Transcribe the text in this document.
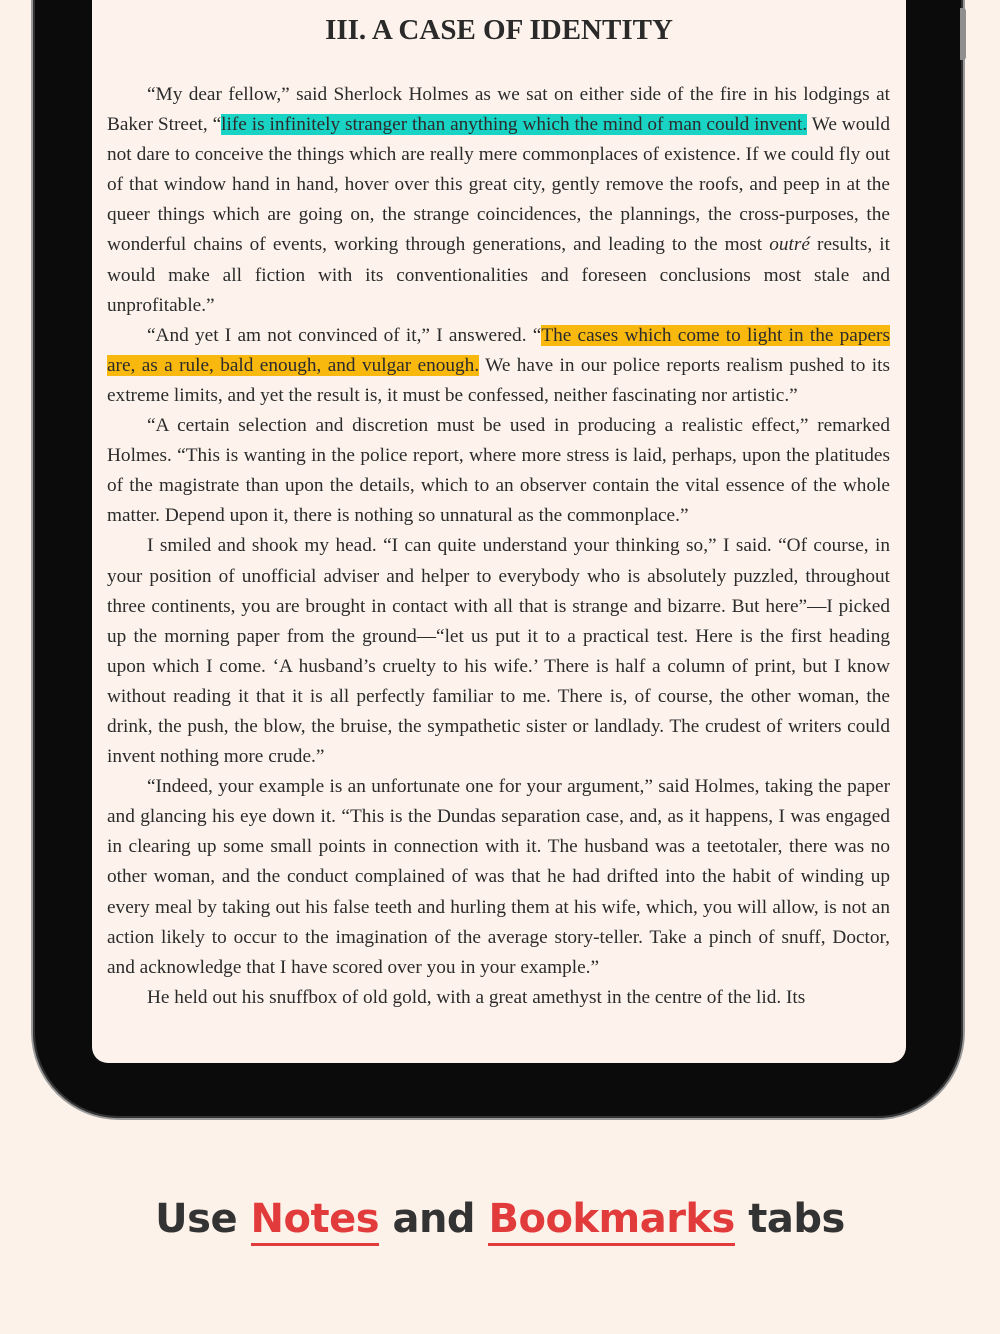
III. A CASE OF IDENTITY

“My dear fellow,” said Sherlock Holmes as we sat on either side of the fire in his lodgings at Baker Street, “life is infinitely stranger than anything which the mind of man could invent. We would not dare to conceive the things which are really mere commonplaces of existence. If we could fly out of that window hand in hand, hover over this great city, gently remove the roofs, and peep in at the queer things which are going on, the strange coincidences, the plannings, the cross-purposes, the wonderful chains of events, working through generations, and leading to the most outré results, it would make all fiction with its conventionalities and foreseen conclusions most stale and unprofitable.”

“And yet I am not convinced of it,” I answered. “The cases which come to light in the papers are, as a rule, bald enough, and vulgar enough. We have in our police reports realism pushed to its extreme limits, and yet the result is, it must be confessed, neither fascinating nor artistic.”

“A certain selection and discretion must be used in producing a realistic effect,” remarked Holmes. “This is wanting in the police report, where more stress is laid, perhaps, upon the platitudes of the magistrate than upon the details, which to an observer contain the vital essence of the whole matter. Depend upon it, there is nothing so unnatural as the commonplace.”

I smiled and shook my head. “I can quite understand your thinking so,” I said. “Of course, in your position of unofficial adviser and helper to everybody who is absolutely puzzled, throughout three continents, you are brought in contact with all that is strange and bizarre. But here”—I picked up the morning paper from the ground—“let us put it to a practical test. Here is the first heading upon which I come. ‘A husband’s cruelty to his wife.’ There is half a column of print, but I know without reading it that it is all perfectly familiar to me. There is, of course, the other woman, the drink, the push, the blow, the bruise, the sympathetic sister or landlady. The crudest of writers could invent nothing more crude.”

“Indeed, your example is an unfortunate one for your argument,” said Holmes, taking the paper and glancing his eye down it. “This is the Dundas separation case, and, as it happens, I was engaged in clearing up some small points in connection with it. The husband was a teetotaler, there was no other woman, and the conduct complained of was that he had drifted into the habit of winding up every meal by taking out his false teeth and hurling them at his wife, which, you will allow, is not an action likely to occur to the imagination of the average story-teller. Take a pinch of snuff, Doctor, and acknowledge that I have scored over you in your example.”

He held out his snuffbox of old gold, with a great amethyst in the centre of the lid. Its

Use Notes and Bookmarks tabs
